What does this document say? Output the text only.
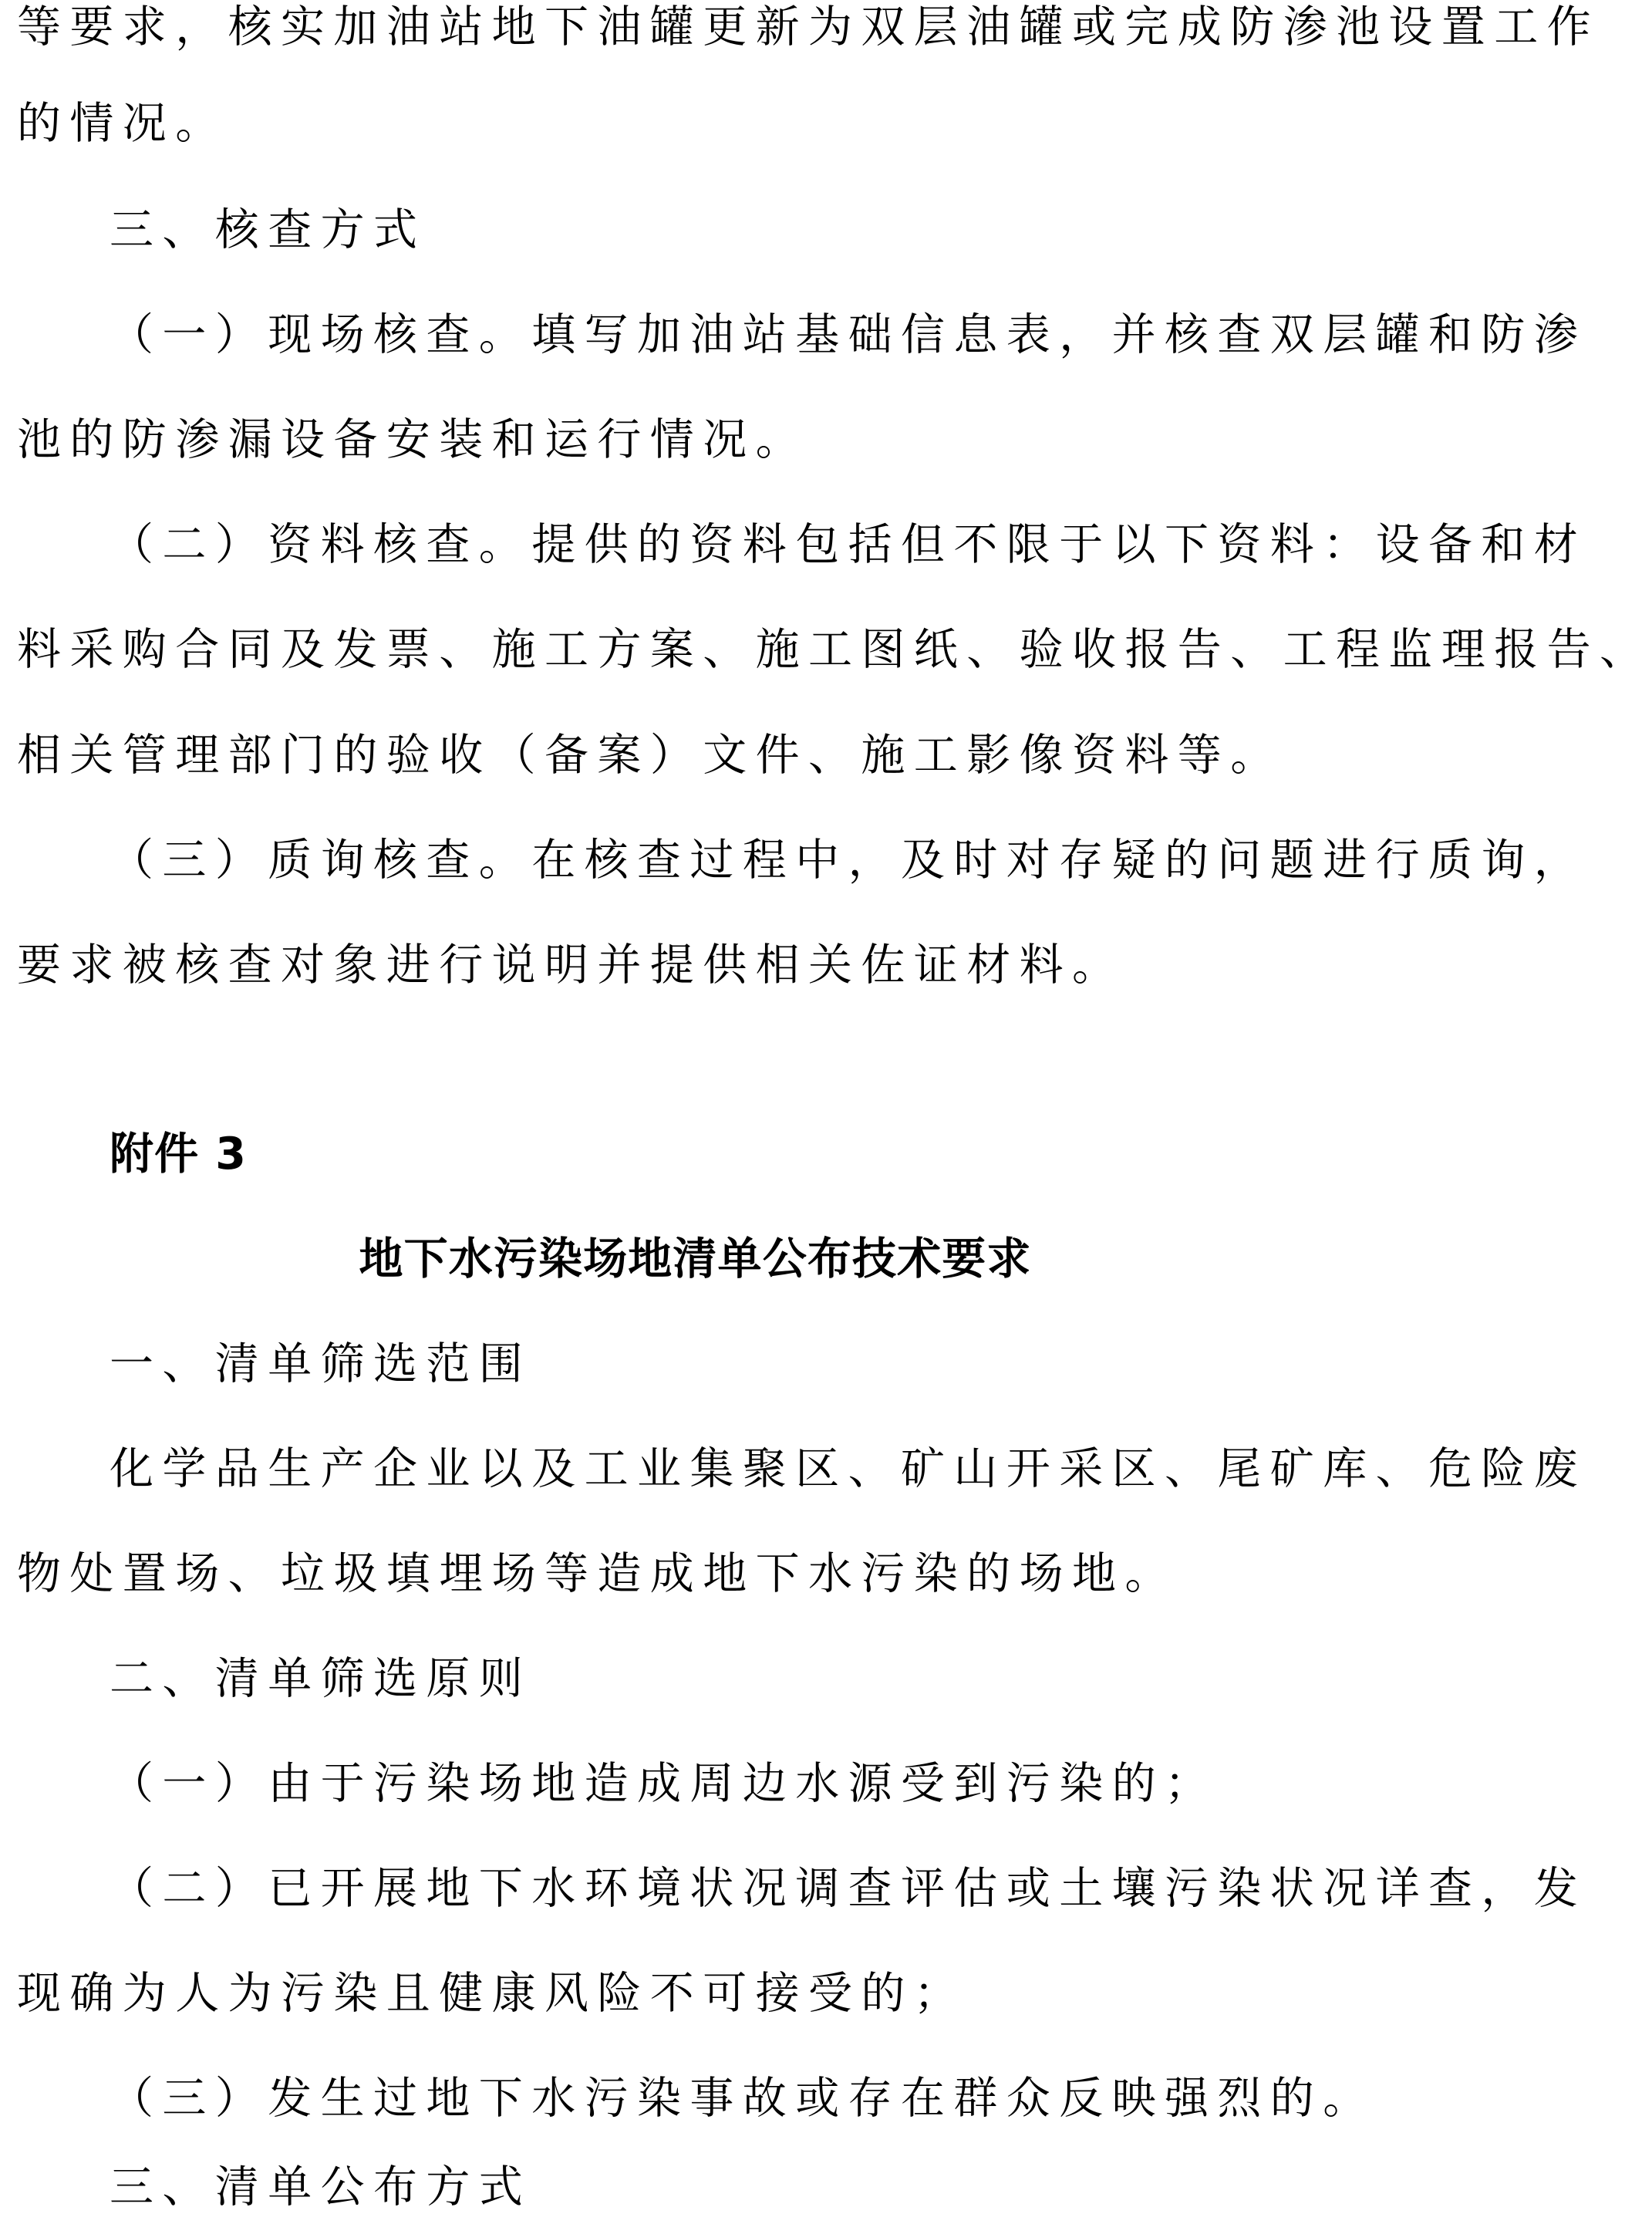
等要求，核实加油站地下油罐更新为双层油罐或完成防渗池设置工作
的情况。
三、核查方式
（一）现场核查。填写加油站基础信息表，并核查双层罐和防渗
池的防渗漏设备安装和运行情况。
（二）资料核查。提供的资料包括但不限于以下资料：设备和材
料采购合同及发票、施工方案、施工图纸、验收报告、工程监理报告、
相关管理部门的验收（备案）文件、施工影像资料等。
（三）质询核查。在核查过程中，及时对存疑的问题进行质询，
要求被核查对象进行说明并提供相关佐证材料。
附件 3
地下水污染场地清单公布技术要求
一、清单筛选范围
化学品生产企业以及工业集聚区、矿山开采区、尾矿库、危险废
物处置场、垃圾填埋场等造成地下水污染的场地。
二、清单筛选原则
（一）由于污染场地造成周边水源受到污染的；
（二）已开展地下水环境状况调查评估或土壤污染状况详查，发
现确为人为污染且健康风险不可接受的；
（三）发生过地下水污染事故或存在群众反映强烈的。
三、清单公布方式
